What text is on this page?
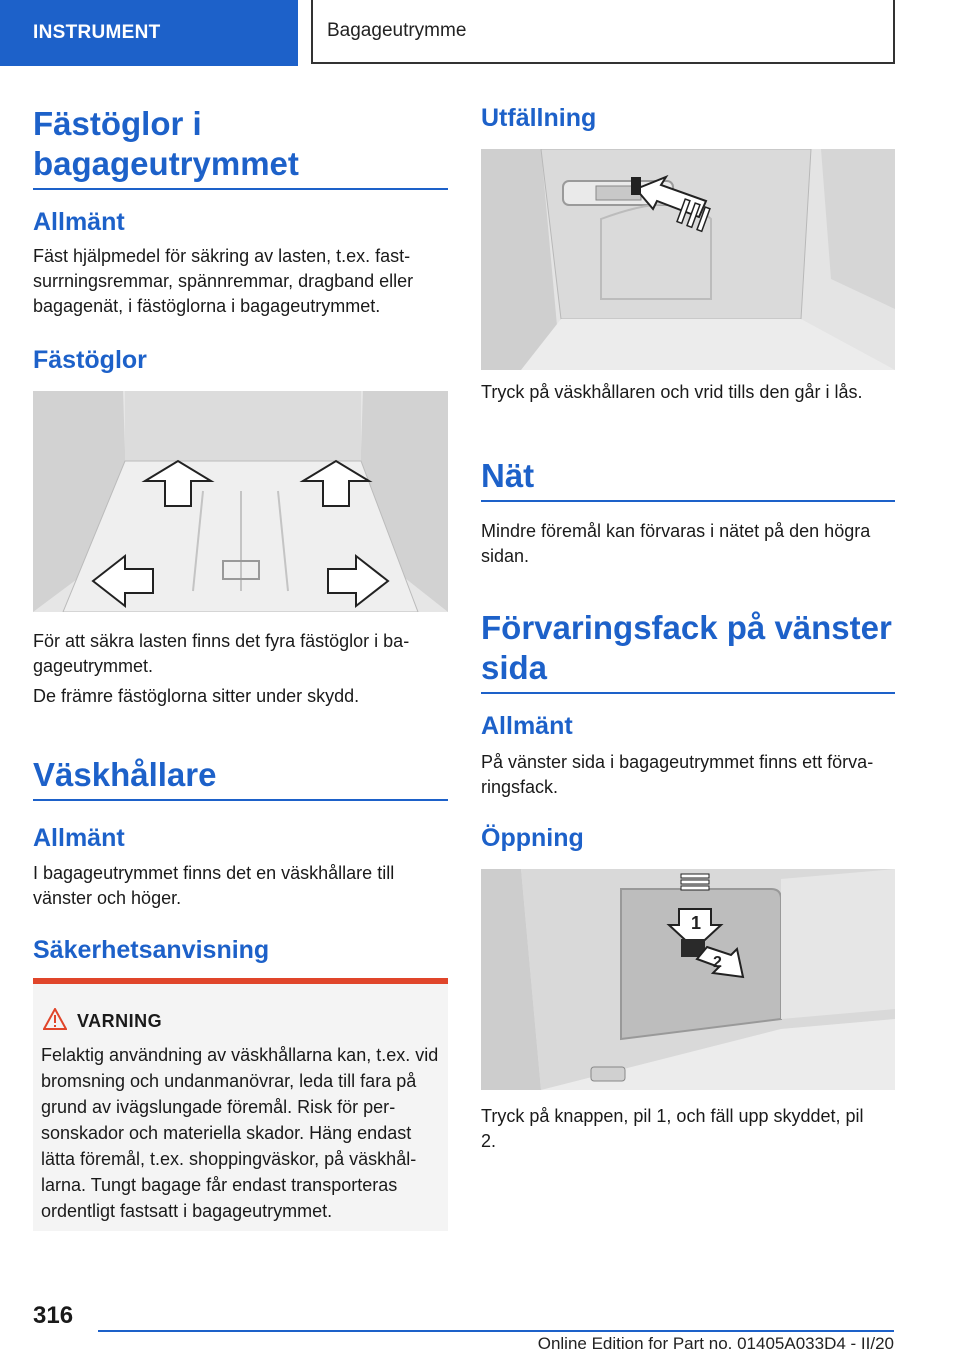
INSTRUMENT	Bagageutrymme
Fästöglor i bagageutrymmet
Allmänt
Fäst hjälpmedel för säkring av lasten, t.ex. fastsurrningsremmar, spännremmar, dragband eller bagagenät, i fästöglorna i bagageutrymmet.
Fästöglor
För att säkra lasten finns det fyra fästöglor i bagageutrymmet.
De främre fästöglorna sitter under skydd.
Väskhållare
Allmänt
I bagageutrymmet finns det en väskhållare till vänster och höger.
Säkerhetsanvisning
VARNING
Felaktig användning av väskhållarna kan, t.ex. vid bromsning och undanmanövrar, leda till fara på grund av ivägslungade föremål. Risk för personskador och materiella skador. Häng endast lätta föremål, t.ex. shoppingväskor, på väskhållarna. Tungt bagage får endast transporteras ordentligt fastsatt i bagageutrymmet.
Utfällning
Tryck på väskhållaren och vrid tills den går i lås.
Nät
Mindre föremål kan förvaras i nätet på den högra sidan.
Förvaringsfack på vänster sida
Allmänt
På vänster sida i bagageutrymmet finns ett förvaringsfack.
Öppning
1
2
Tryck på knappen, pil 1, och fäll upp skyddet, pil 2.
316
Online Edition for Part no. 01405A033D4 - II/20
